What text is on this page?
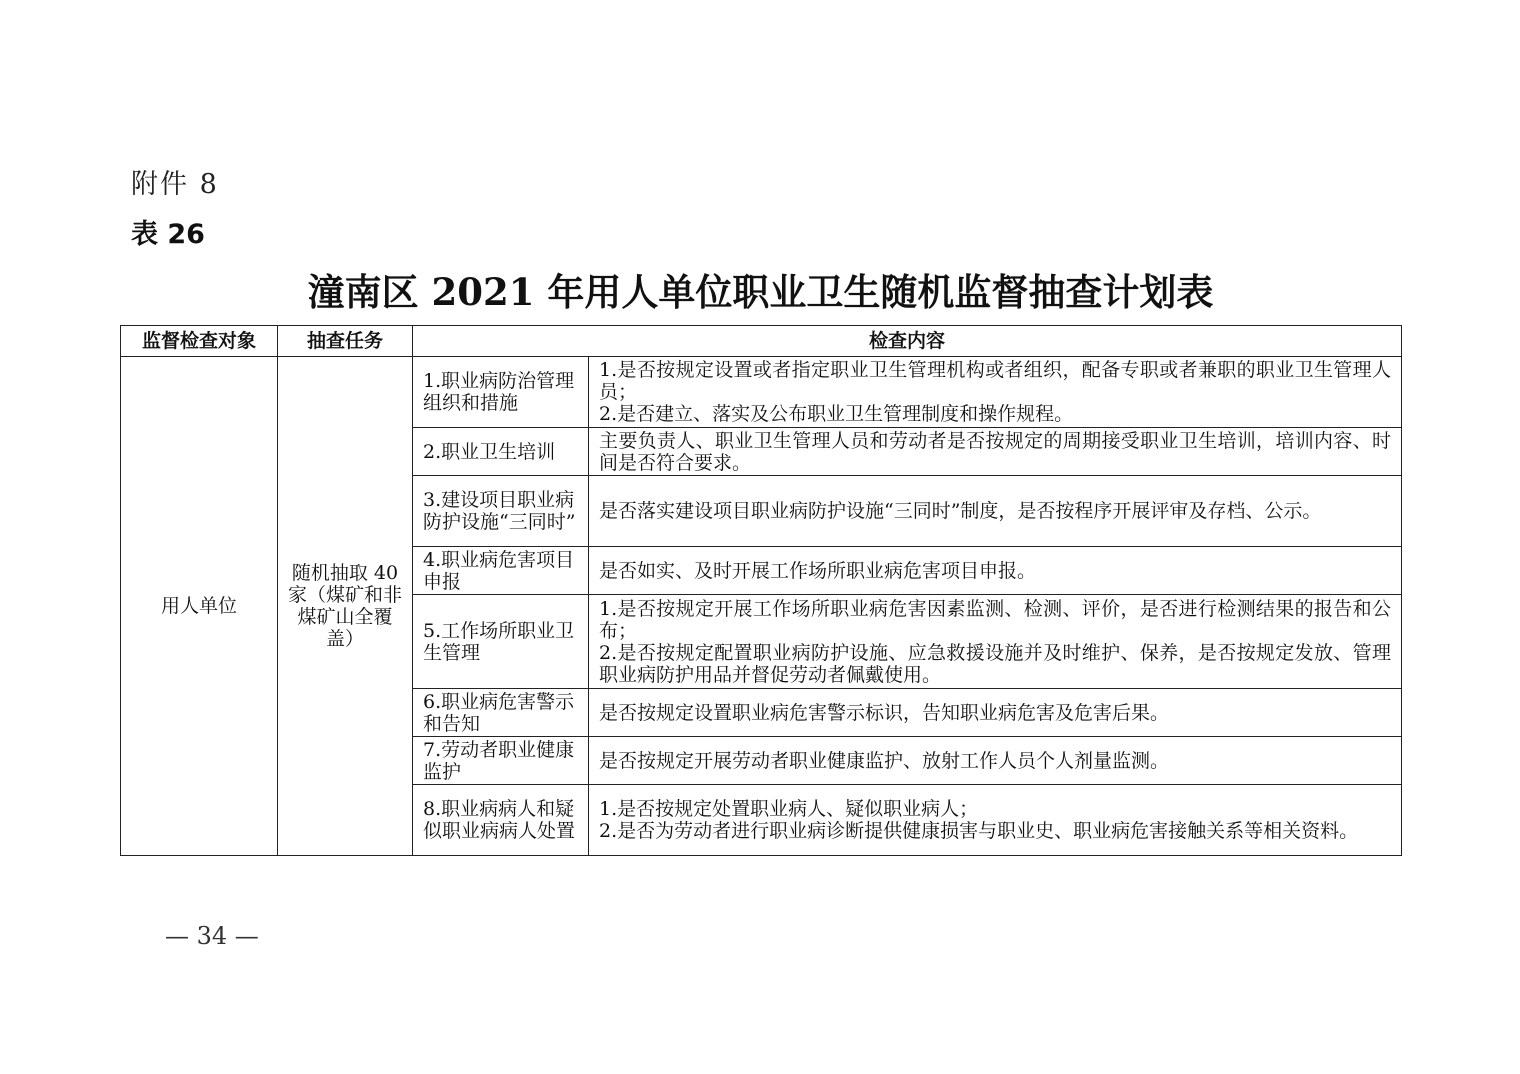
附件 8
表 26
潼南区 2021 年用人单位职业卫生随机监督抽查计划表
监督检查对象	抽查任务	检查内容	
用人单位	随机抽取 40 家（煤矿和非煤矿山全覆盖）	1.职业病防治管理组织和措施	1.是否按规定设置或者指定职业卫生管理机构或者组织，配备专职或者兼职的职业卫生管理人员；
2.是否建立、落实及公布职业卫生管理制度和操作规程。

		2.职业卫生培训	主要负责人、职业卫生管理人员和劳动者是否按规定的周期接受职业卫生培训，培训内容、时间是否符合要求。

		3.建设项目职业病防护设施“三同时”	是否落实建设项目职业病防护设施“三同时”制度，是否按程序开展评审及存档、公示。

		4.职业病危害项目申报	是否如实、及时开展工作场所职业病危害项目申报。

		5.工作场所职业卫生管理	1.是否按规定开展工作场所职业病危害因素监测、检测、评价，是否进行检测结果的报告和公布；
2.是否按规定配置职业病防护设施、应急救援设施并及时维护、保养，是否按规定发放、管理职业病防护用品并督促劳动者佩戴使用。

		6.职业病危害警示和告知	是否按规定设置职业病危害警示标识，告知职业病危害及危害后果。

		7.劳动者职业健康监护	是否按规定开展劳动者职业健康监护、放射工作人员个人剂量监测。

		8.职业病病人和疑似职业病病人处置	1.是否按规定处置职业病人、疑似职业病人；
2.是否为劳动者进行职业病诊断提供健康损害与职业史、职业病危害接触关系等相关资料。
— 34 —
